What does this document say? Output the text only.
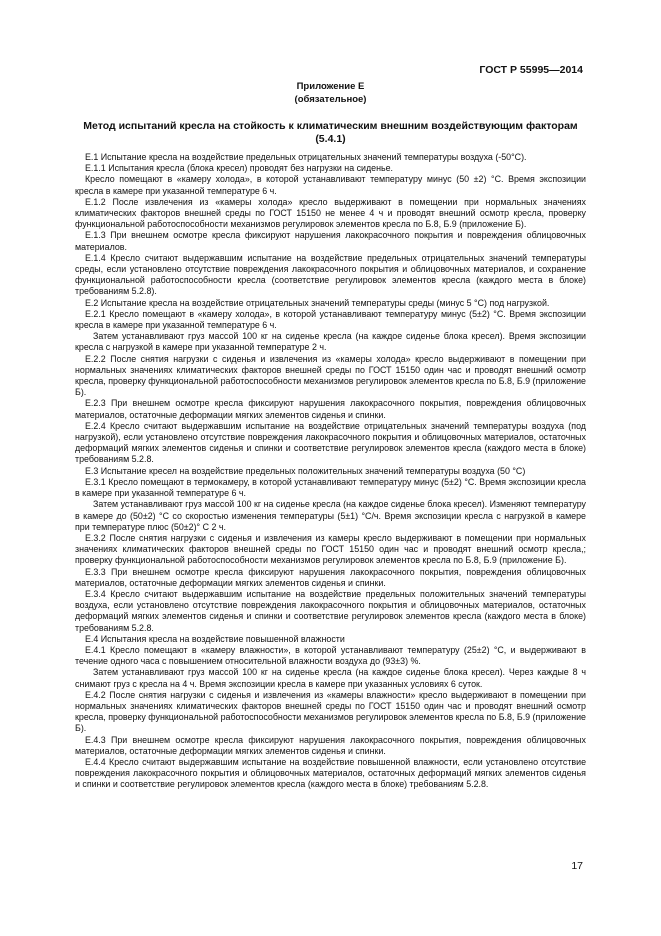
ГОСТ Р 55995—2014
Приложение Е
(обязательное)
Метод испытаний кресла на стойкость к климатическим внешним воздействующим факторам
(5.4.1)

Е.1 Испытание кресла на воздействие предельных отрицательных значений температуры воздуха (-50°С).

Е.1.1 Испытания кресла (блока кресел) проводят без нагрузки на сиденье.

Кресло помещают в «камеру холода», в которой устанавливают температуру минус (50 ±2) °С. Время экспозиции кресла в камере при указанной температуре 6 ч.

Е.1.2 После извлечения из «камеры холода» кресло выдерживают в помещении при нормальных значениях климатических факторов внешней среды по ГОСТ 15150 не менее 4 ч и проводят внешний осмотр кресла, проверку функциональной работоспособности механизмов регулировок элементов кресла по Б.8, Б.9 (приложение Б).

Е.1.3 При внешнем осмотре кресла фиксируют нарушения лакокрасочного покрытия и повреждения облицовочных материалов.

Е.1.4 Кресло считают выдержавшим испытание на воздействие предельных отрицательных значений температуры среды, если установлено отсутствие повреждения лакокрасочного покрытия и облицовочных материалов, и сохранение функциональной работоспособности кресла (соответствие регулировок элементов кресла (каждого места в блоке) требованиям 5.2.8).

Е.2 Испытание кресла на воздействие отрицательных значений температуры среды (минус 5 °С) под нагрузкой.

Е.2.1 Кресло помещают в «камеру холода», в которой устанавливают температуру минус (5±2) °С. Время экспозиции кресла в камере при указанной температуре 6 ч.

Затем устанавливают груз массой 100 кг на сиденье кресла (на каждое сиденье блока кресел). Время экспозиции кресла с нагрузкой в камере при указанной температуре 2 ч.

Е.2.2 После снятия нагрузки с сиденья и извлечения из «камеры холода» кресло выдерживают в помещении при нормальных значениях климатических факторов внешней среды по ГОСТ 15150 один час и проводят внешний осмотр кресла, проверку функциональной работоспособности механизмов регулировок элементов кресла по Б.8, Б.9 (приложение Б).

Е.2.3 При внешнем осмотре кресла фиксируют нарушения лакокрасочного покрытия, повреждения облицовочных материалов, остаточные деформации мягких элементов сиденья и спинки.

Е.2.4 Кресло считают выдержавшим испытание на воздействие отрицательных значений температуры воздуха (под нагрузкой), если установлено отсутствие повреждения лакокрасочного покрытия и облицовочных материалов, остаточных деформаций мягких элементов сиденья и спинки и соответствие регулировок элементов кресла (каждого места в блоке) требованиям 5.2.8.

Е.3 Испытание кресел на воздействие предельных положительных значений температуры воздуха (50 °С)

Е.3.1 Кресло помещают в термокамеру, в которой устанавливают температуру минус (5±2) °С. Время экспозиции кресла в камере при указанной температуре 6 ч.

Затем устанавливают груз массой 100 кг на сиденье кресла (на каждое сиденье блока кресел). Изменяют температуру в камере до (50±2) °С со скоростью изменения температуры (5±1) °С/ч. Время экспозиции кресла с нагрузкой в камере при температуре плюс (50±2)° С 2 ч.

Е.3.2 После снятия нагрузки с сиденья и извлечения из камеры кресло выдерживают в помещении при нормальных значениях климатических факторов внешней среды по ГОСТ 15150 один час и проводят внешний осмотр кресла,; проверку функциональной работоспособности механизмов регулировок элементов кресла по Б.8, Б.9 (приложение Б).

Е.3.3 При внешнем осмотре кресла фиксируют нарушения лакокрасочного покрытия, повреждения облицовочных материалов, остаточные деформации мягких элементов сиденья и спинки.

Е.3.4 Кресло считают выдержавшим испытание на воздействие предельных положительных значений температуры воздуха, если установлено отсутствие повреждения лакокрасочного покрытия и облицовочных материалов, остаточных деформаций мягких элементов сиденья и спинки и соответствие регулировок элементов кресла (каждого места в блоке) требованиям 5.2.8.

Е.4 Испытания кресла на воздействие повышенной влажности

Е.4.1 Кресло помещают в «камеру влажности», в которой устанавливают температуру (25±2) °С, и выдерживают в течение одного часа с повышением относительной влажности воздуха до (93±3) %.

Затем устанавливают груз массой 100 кг на сиденье кресла (на каждое сиденье блока кресел). Через каждые 8 ч снимают груз с кресла на 4 ч. Время экспозиции кресла в камере при указанных условиях 6 суток.

Е.4.2 После снятия нагрузки с сиденья и извлечения из «камеры влажности» кресло выдерживают в помещении при нормальных значениях климатических факторов внешней среды по ГОСТ 15150 один час и проводят внешний осмотр кресла, проверку функциональной работоспособности механизмов регулировок элементов кресла по Б.8, Б.9 (приложение Б).

Е.4.3 При внешнем осмотре кресла фиксируют нарушения лакокрасочного покрытия, повреждения облицовочных материалов, остаточные деформации мягких элементов сиденья и спинки.

Е.4.4 Кресло считают выдержавшим испытание на воздействие повышенной влажности, если установлено отсутствие повреждения лакокрасочного покрытия и облицовочных материалов, остаточных деформаций мягких элементов сиденья и спинки и соответствие регулировок элементов кресла (каждого места в блоке) требованиям 5.2.8.

17
